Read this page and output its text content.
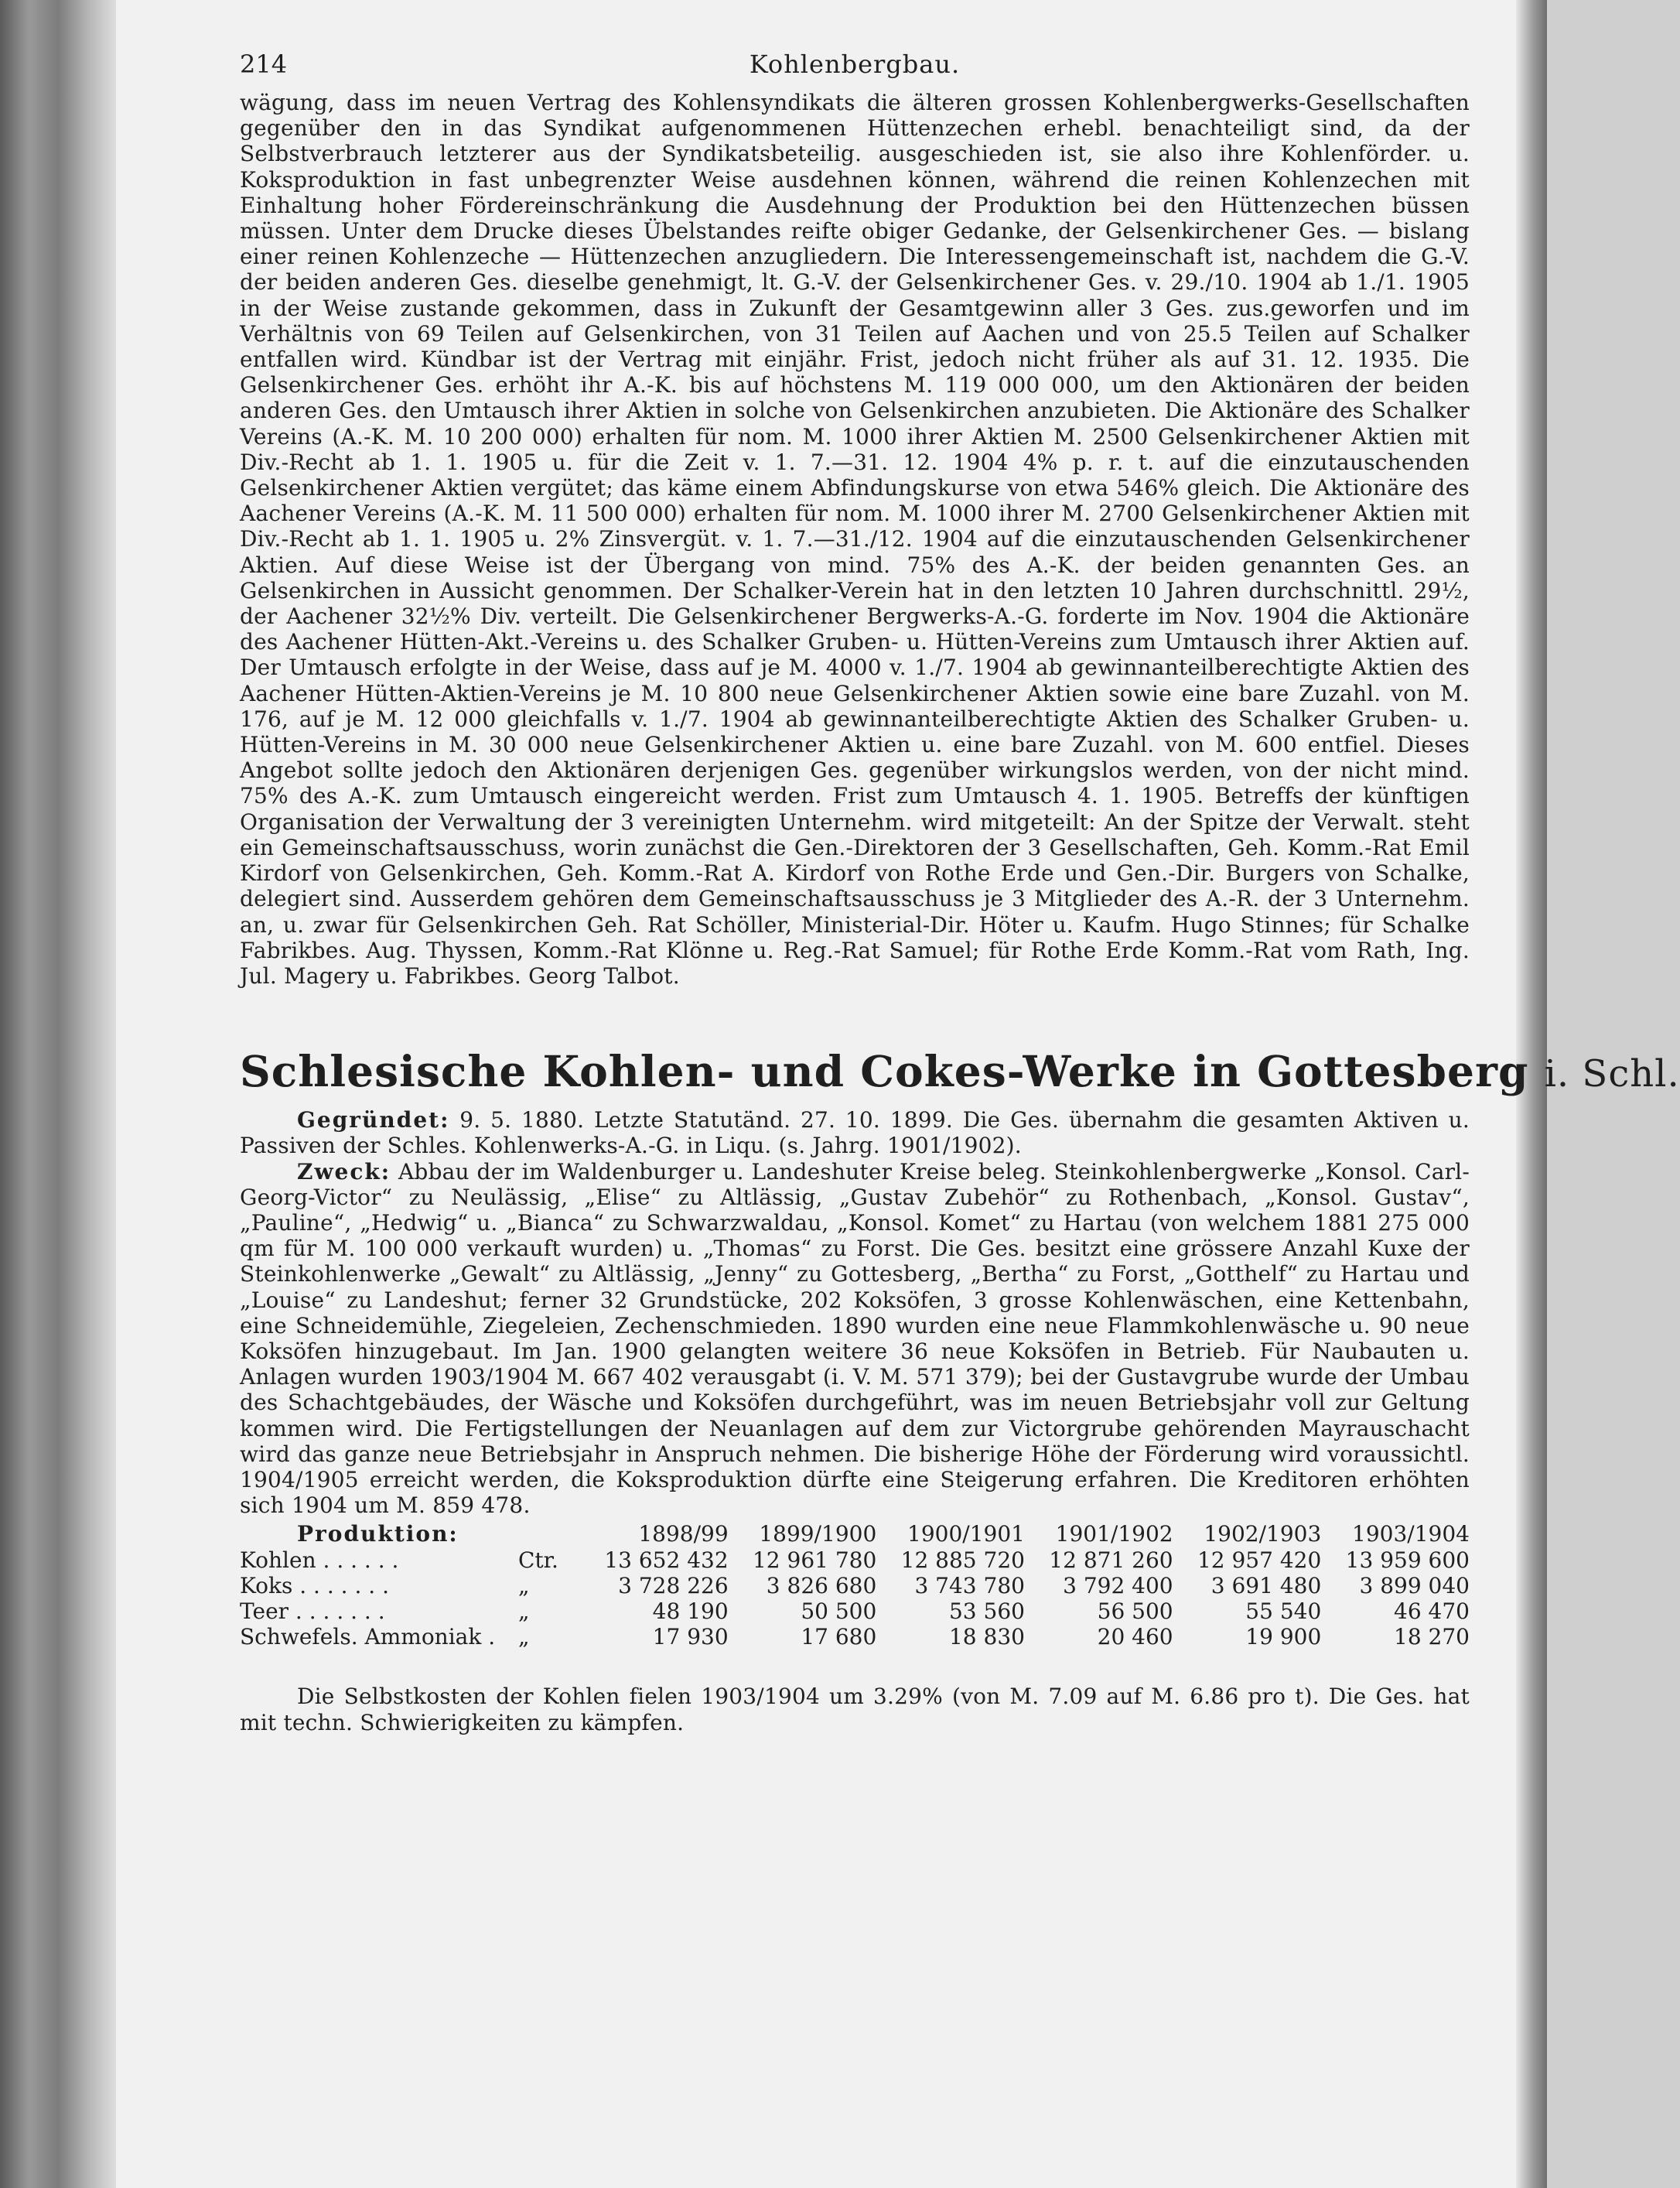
214	Kohlenbergbau.

wägung, dass im neuen Vertrag des Kohlensyndikats die älteren grossen Kohlenbergwerks-Gesellschaften gegenüber den in das Syndikat aufgenommenen Hüttenzechen erhebl. benachteiligt sind, da der Selbstverbrauch letzterer aus der Syndikatsbeteilig. ausgeschieden ist, sie also ihre Kohlenförder. u. Koksproduktion in fast unbegrenzter Weise ausdehnen können, während die reinen Kohlenzechen mit Einhaltung hoher Fördereinschränkung die Ausdehnung der Produktion bei den Hüttenzechen büssen müssen. Unter dem Drucke dieses Übelstandes reifte obiger Gedanke, der Gelsenkirchener Ges. — bislang einer reinen Kohlenzeche — Hüttenzechen anzugliedern. Die Interessengemeinschaft ist, nachdem die G.-V. der beiden anderen Ges. dieselbe genehmigt, lt. G.-V. der Gelsenkirchener Ges. v. 29./10. 1904 ab 1./1. 1905 in der Weise zustande gekommen, dass in Zukunft der Gesamtgewinn aller 3 Ges. zus.geworfen und im Verhältnis von 69 Teilen auf Gelsenkirchen, von 31 Teilen auf Aachen und von 25.5 Teilen auf Schalker entfallen wird. Kündbar ist der Vertrag mit einjähr. Frist, jedoch nicht früher als auf 31. 12. 1935. Die Gelsenkirchener Ges. erhöht ihr A.-K. bis auf höchstens M. 119 000 000, um den Aktionären der beiden anderen Ges. den Umtausch ihrer Aktien in solche von Gelsenkirchen anzubieten. Die Aktionäre des Schalker Vereins (A.-K. M. 10 200 000) erhalten für nom. M. 1000 ihrer Aktien M. 2500 Gelsenkirchener Aktien mit Div.-Recht ab 1. 1. 1905 u. für die Zeit v. 1. 7.—31. 12. 1904 4% p. r. t. auf die einzutauschenden Gelsenkirchener Aktien vergütet; das käme einem Abfindungskurse von etwa 546% gleich. Die Aktionäre des Aachener Vereins (A.-K. M. 11 500 000) erhalten für nom. M. 1000 ihrer M. 2700 Gelsenkirchener Aktien mit Div.-Recht ab 1. 1. 1905 u. 2% Zinsvergüt. v. 1. 7.—31./12. 1904 auf die einzutauschenden Gelsenkirchener Aktien. Auf diese Weise ist der Übergang von mind. 75% des A.-K. der beiden genannten Ges. an Gelsenkirchen in Aussicht genommen. Der Schalker-Verein hat in den letzten 10 Jahren durchschnittl. 29½, der Aachener 32½% Div. verteilt. Die Gelsenkirchener Bergwerks-A.-G. forderte im Nov. 1904 die Aktionäre des Aachener Hütten-Akt.-Vereins u. des Schalker Gruben- u. Hütten-Vereins zum Umtausch ihrer Aktien auf. Der Umtausch erfolgte in der Weise, dass auf je M. 4000 v. 1./7. 1904 ab gewinnanteilberechtigte Aktien des Aachener Hütten-Aktien-Vereins je M. 10 800 neue Gelsenkirchener Aktien sowie eine bare Zuzahl. von M. 176, auf je M. 12 000 gleichfalls v. 1./7. 1904 ab gewinnanteilberechtigte Aktien des Schalker Gruben- u. Hütten-Vereins in M. 30 000 neue Gelsenkirchener Aktien u. eine bare Zuzahl. von M. 600 entfiel. Dieses Angebot sollte jedoch den Aktionären derjenigen Ges. gegenüber wirkungslos werden, von der nicht mind. 75% des A.-K. zum Umtausch eingereicht werden. Frist zum Umtausch 4. 1. 1905. Betreffs der künftigen Organisation der Verwaltung der 3 vereinigten Unternehm. wird mitgeteilt: An der Spitze der Verwalt. steht ein Gemeinschaftsausschuss, worin zunächst die Gen.-Direktoren der 3 Gesellschaften, Geh. Komm.-Rat Emil Kirdorf von Gelsenkirchen, Geh. Komm.-Rat A. Kirdorf von Rothe Erde und Gen.-Dir. Burgers von Schalke, delegiert sind. Ausserdem gehören dem Gemeinschaftsausschuss je 3 Mitglieder des A.-R. der 3 Unternehm. an, u. zwar für Gelsenkirchen Geh. Rat Schöller, Ministerial-Dir. Höter u. Kaufm. Hugo Stinnes; für Schalke Fabrikbes. Aug. Thyssen, Komm.-Rat Klönne u. Reg.-Rat Samuel; für Rothe Erde Komm.-Rat vom Rath, Ing. Jul. Magery u. Fabrikbes. Georg Talbot.

Schlesische Kohlen- und Cokes-Werke in Gottesberg i. Schl.

Gegründet: 9. 5. 1880. Letzte Statutänd. 27. 10. 1899. Die Ges. übernahm die gesamten Aktiven u. Passiven der Schles. Kohlenwerks-A.-G. in Liqu. (s. Jahrg. 1901/1902).

Zweck: Abbau der im Waldenburger u. Landeshuter Kreise beleg. Steinkohlenbergwerke „Konsol. Carl-Georg-Victor“ zu Neulässig, „Elise“ zu Altlässig, „Gustav Zubehör“ zu Rothenbach, „Konsol. Gustav“, „Pauline“, „Hedwig“ u. „Bianca“ zu Schwarzwaldau, „Konsol. Komet“ zu Hartau (von welchem 1881 275 000 qm für M. 100 000 verkauft wurden) u. „Thomas“ zu Forst. Die Ges. besitzt eine grössere Anzahl Kuxe der Steinkohlenwerke „Gewalt“ zu Altlässig, „Jenny“ zu Gottesberg, „Bertha“ zu Forst, „Gotthelf“ zu Hartau und „Louise“ zu Landeshut; ferner 32 Grundstücke, 202 Koksöfen, 3 grosse Kohlenwäschen, eine Kettenbahn, eine Schneidemühle, Ziegeleien, Zechenschmieden. 1890 wurden eine neue Flammkohlenwäsche u. 90 neue Koksöfen hinzugebaut. Im Jan. 1900 gelangten weitere 36 neue Koksöfen in Betrieb. Für Naubauten u. Anlagen wurden 1903/1904 M. 667 402 verausgabt (i. V. M. 571 379); bei der Gustavgrube wurde der Umbau des Schachtgebäudes, der Wäsche und Koksöfen durchgeführt, was im neuen Betriebsjahr voll zur Geltung kommen wird. Die Fertigstellungen der Neuanlagen auf dem zur Victorgrube gehörenden Mayrauschacht wird das ganze neue Betriebsjahr in Anspruch nehmen. Die bisherige Höhe der Förderung wird voraussichtl. 1904/1905 erreicht werden, die Koksproduktion dürfte eine Steigerung erfahren. Die Kreditoren erhöhten sich 1904 um M. 859 478.

Produktion:		1898/99	1899/1900	1900/1901	1901/1902	1902/1903	1903/1904
Kohlen . . . . . .	Ctr.	13 652 432	12 961 780	12 885 720	12 871 260	12 957 420	13 959 600
Koks . . . . . . .	„	3 728 226	3 826 680	3 743 780	3 792 400	3 691 480	3 899 040
Teer . . . . . . .	„	48 190	50 500	53 560	56 500	55 540	46 470
Schwefels. Ammoniak .	„	17 930	17 680	18 830	20 460	19 900	18 270

Die Selbstkosten der Kohlen fielen 1903/1904 um 3.29% (von M. 7.09 auf M. 6.86 pro t). Die Ges. hat mit techn. Schwierigkeiten zu kämpfen.
